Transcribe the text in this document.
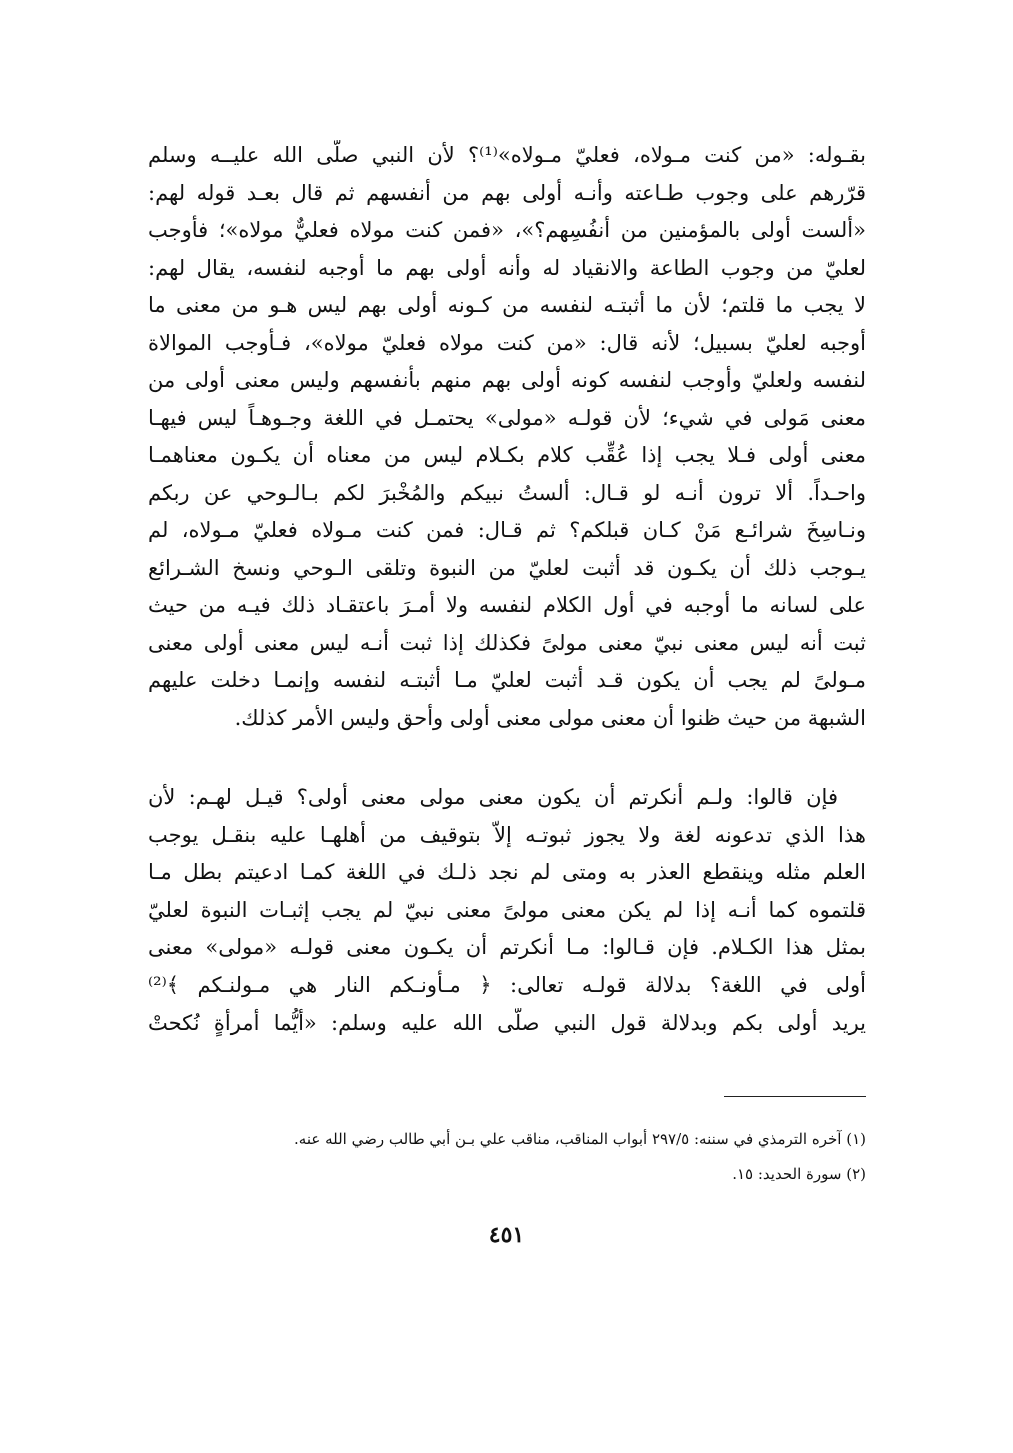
بقـوله: «من كنت مـولاه، فعليّ مـولاه»⁽¹⁾؟ لأن النبي صلّى الله عليــه وسلم
قرّرهم على وجوب طـاعته وأنـه أولى بهم من أنفسهم ثم قال بعـد قوله لهم:
«ألست أولى بالمؤمنين من أنفُسِهم؟»، «فمن كنت مولاه فعليٌّ مولاه»؛ فأوجب
لعليّ من وجوب الطاعة والانقياد له وأنه أولى بهم ما أوجبه لنفسه، يقال لهم:
لا يجب ما قلتم؛ لأن ما أثبتـه لنفسه من كـونه أولى بهم ليس هـو من معنى ما
أوجبه لعليّ بسبيل؛ لأنه قال: «من كنت مولاه فعليّ مولاه»، فـأوجب الموالاة
لنفسه ولعليّ وأوجب لنفسه كونه أولى بهم منهم بأنفسهم وليس معنى أولى من
معنى مَولى في شيء؛ لأن قولـه «مولى» يحتمـل في اللغة وجـوهـاً ليس فيهـا
معنى أولى فـلا يجب إذا عُقِّب كلام بكـلام ليس من معناه أن يكـون معناهمـا
واحـداً. ألا ترون أنـه لو قـال: ألستُ نبيكم والمُخْبرَ لكم بـالـوحي عن ربكم
ونـاسِخَ شرائـع مَنْ كـان قبلكم؟ ثم قـال: فمن كنت مـولاه فعليّ مـولاه، لم
يـوجب ذلك أن يكـون قد أثبت لعليّ من النبوة وتلقى الـوحي ونسخ الشـرائع
على لسانه ما أوجبه في أول الكلام لنفسه ولا أمـرَ باعتقـاد ذلك فيـه من حيث
ثبت أنه ليس معنى نبيّ معنى مولىً فكذلك إذا ثبت أنـه ليس معنى أولى معنى
مـولىً لم يجب أن يكون قـد أثبت لعليّ مـا أثبتـه لنفسه وإنمـا دخلت عليهم
الشبهة من حيث ظنوا أن معنى مولى معنى أولى وأحق وليس الأمر كذلك.
فإن قالوا: ولـم أنكرتم أن يكون معنى مولى معنى أولى؟ قيـل لهـم: لأن
هذا الذي تدعونه لغة ولا يجوز ثبوتـه إلاّ بتوقيف من أهلهـا عليه بنقـل يوجب
العلم مثله وينقطع العذر به ومتى لم نجد ذلـك في اللغة كمـا ادعيتم بطل مـا
قلتموه كما أنـه إذا لم يكن معنى مولىً معنى نبيّ لم يجب إثبـات النبوة لعليّ
بمثل هذا الكـلام. فإن قـالوا: مـا أنكرتم أن يكـون معنى قولـه «مولى» معنى
أولى في اللغة؟ بدلالة قولـه تعالى: ﴿ مـأونـكم النار هي مـولنـكم ﴾⁽²⁾
يريد أولى بكم وبدلالة قول النبي صلّى الله عليه وسلم: «أيُّما أمرأةٍ نُكحتْ
(١) آخره الترمذي في سننه: ٢٩٧/٥ أبواب المناقب، مناقب علي بـن أبي طالب رضي الله عنه.
(٢) سورة الحديد: ١٥.
٤٥١
